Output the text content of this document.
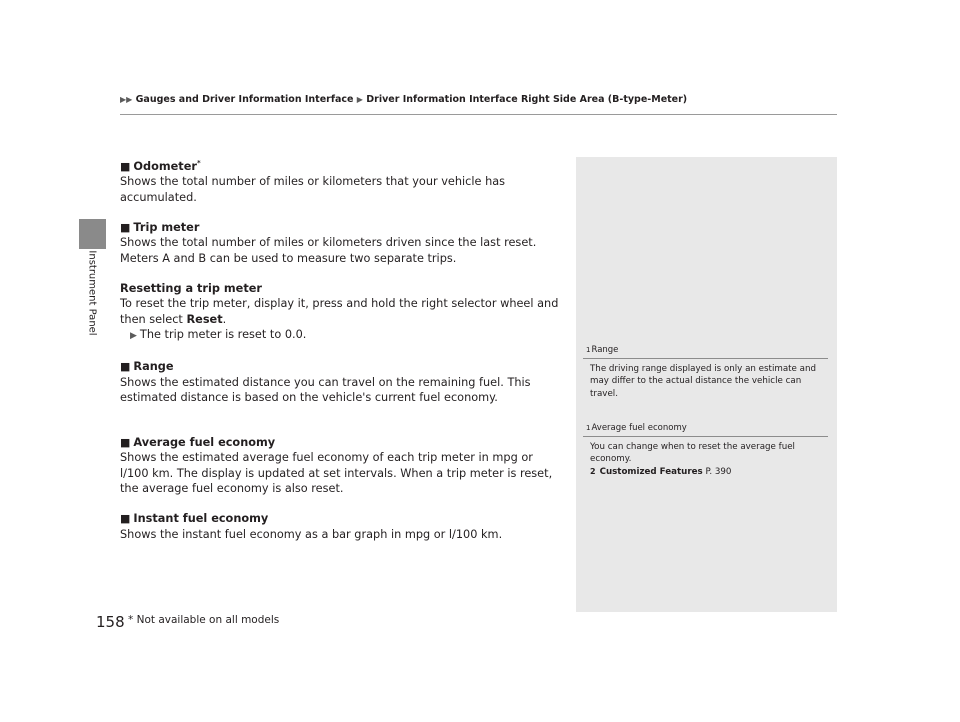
Instrument Panel
▶▶ Gauges and Driver Information Interface ▶ Driver Information Interface Right Side Area (B-type-Meter)

■ Odometer*

Shows the total number of miles or kilometers that your vehicle has accumulated.

■ Trip meter

Shows the total number of miles or kilometers driven since the last reset. Meters A and B can be used to measure two separate trips.

Resetting a trip meter

To reset the trip meter, display it, press and hold the right selector wheel and then select Reset.

▶ The trip meter is reset to 0.0.

■ Range

Shows the estimated distance you can travel on the remaining fuel. This estimated distance is based on the vehicle's current fuel economy.

■ Average fuel economy

Shows the estimated average fuel economy of each trip meter in mpg or l/100 km. The display is updated at set intervals. When a trip meter is reset, the average fuel economy is also reset.

■ Instant fuel economy

Shows the instant fuel economy as a bar graph in mpg or l/100 km.

$^1$Range
The driving range displayed is only an estimate and may differ to the actual distance the vehicle can travel.
$^1$Average fuel economy
You can change when to reset the average fuel economy.
2 Customized Features P. 390
158 * Not available on all models
